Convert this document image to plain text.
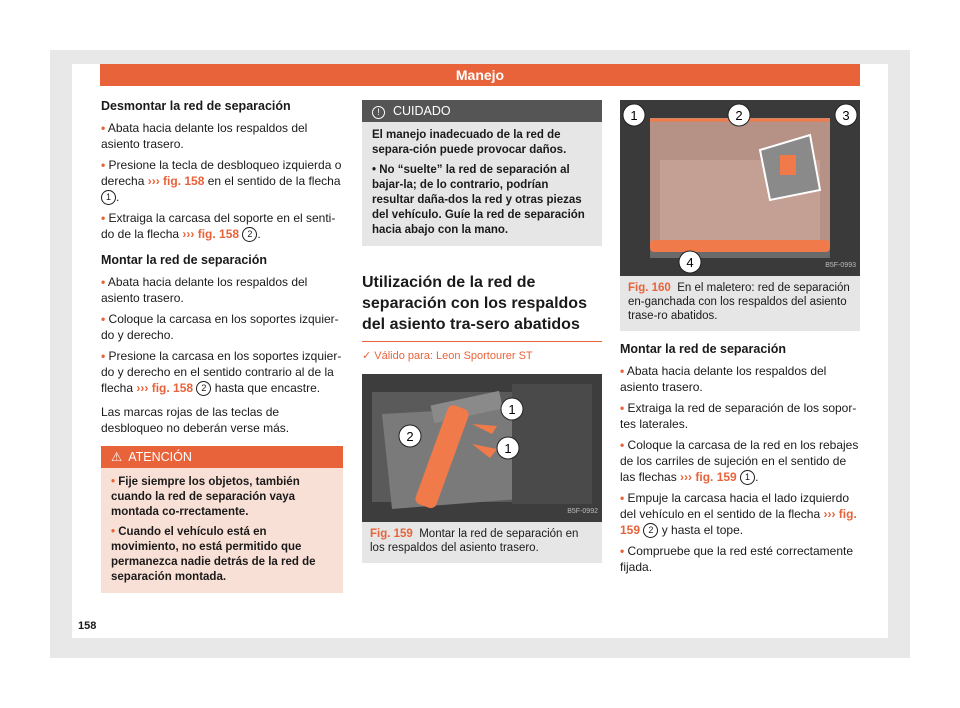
Manejo
Desmontar la red de separación

• Abata hacia delante los respaldos del asiento trasero.

• Presione la tecla de desbloqueo izquierda o derecha ››› fig. 158 en el sentido de la flecha 1 .

• Extraiga la carcasa del soporte en el senti-do de la flecha ››› fig. 158 2 .

Montar la red de separación

• Abata hacia delante los respaldos del asiento trasero.

• Coloque la carcasa en los soportes izquier-do y derecho.

• Presione la carcasa en los soportes izquier-do y derecho en el sentido contrario al de la flecha ››› fig. 158 2 hasta que encastre.

Las marcas rojas de las teclas de desbloqueo no deberán verse más.

⚠ ATENCIÓN

• Fije siempre los objetos, también cuando la red de separación vaya montada co-rrectamente.

• Cuando el vehículo está en movimiento, no está permitido que permanezca nadie detrás de la red de separación montada.

! CUIDADO

El manejo inadecuado de la red de separa-ción puede provocar daños.

• No “suelte” la red de separación al bajar-la; de lo contrario, podrían resultar daña-dos la red y otras piezas del vehículo. Guíe la red de separación hacia abajo con la mano.

Utilización de la red de separación con los respaldos del asiento tra-sero abatidos
✓ Válido para: Leon Sportourer ST
1
2
1
B5F-0992
Fig. 159 Montar la red de separación en los respaldos del asiento trasero.
1	2	3
4	B5F-0993
Fig. 160 En el maletero: red de separación en-ganchada con los respaldos del asiento trase-ro abatidos.
Montar la red de separación

• Abata hacia delante los respaldos del asiento trasero.

• Extraiga la red de separación de los sopor-tes laterales.

• Coloque la carcasa de la red en los rebajes de los carriles de sujeción en el sentido de las flechas ››› fig. 159 1 .

• Empuje la carcasa hacia el lado izquierdo del vehículo en el sentido de la flecha ››› fig. 159 2 y hasta el tope.

• Compruebe que la red esté correctamente fijada.

158
